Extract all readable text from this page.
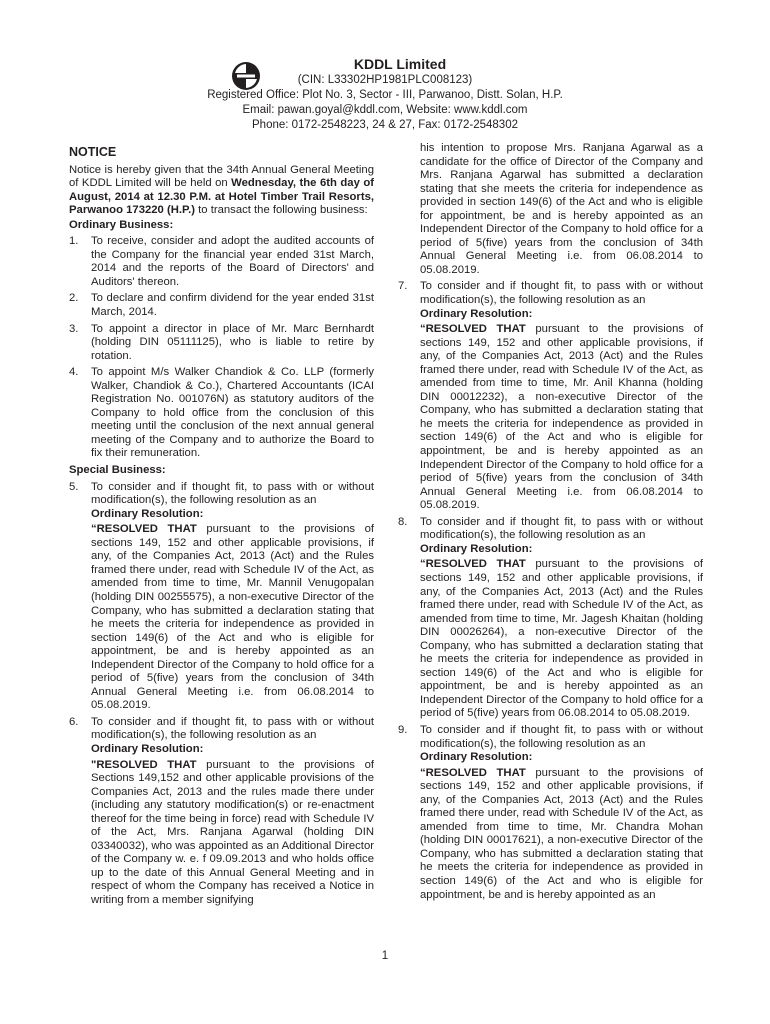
KDDL Limited
(CIN: L33302HP1981PLC008123)
Registered Office: Plot No. 3, Sector - III, Parwanoo, Distt. Solan, H.P.
Email: pawan.goyal@kddl.com, Website: www.kddl.com
Phone: 0172-2548223, 24 & 27, Fax: 0172-2548302
NOTICE

Notice is hereby given that the 34th Annual General Meeting of KDDL Limited will be held on Wednesday, the 6th day of August, 2014 at 12.30 P.M. at Hotel Timber Trail Resorts, Parwanoo 173220 (H.P.) to transact the following business:

Ordinary Business:
1. To receive, consider and adopt the audited accounts of the Company for the financial year ended 31st March, 2014 and the reports of the Board of Directors' and Auditors' thereon.
2. To declare and confirm dividend for the year ended 31st March, 2014.
3. To appoint a director in place of Mr. Marc Bernhardt (holding DIN 05111125), who is liable to retire by rotation.
4. To appoint M/s Walker Chandiok & Co. LLP (formerly Walker, Chandiok & Co.), Chartered Accountants (ICAI Registration No. 001076N) as statutory auditors of the Company to hold office from the conclusion of this meeting until the conclusion of the next annual general meeting of the Company and to authorize the Board to fix their remuneration.
Special Business:
5. To consider and if thought fit, to pass with or without modification(s), the following resolution as an
Ordinary Resolution:
“RESOLVED THAT pursuant to the provisions of sections 149, 152 and other applicable provisions, if any, of the Companies Act, 2013 (Act) and the Rules framed there under, read with Schedule IV of the Act, as amended from time to time, Mr. Mannil Venugopalan (holding DIN 00255575), a non-executive Director of the Company, who has submitted a declaration stating that he meets the criteria for independence as provided in section 149(6) of the Act and who is eligible for appointment, be and is hereby appointed as an Independent Director of the Company to hold office for a period of 5(five) years from the conclusion of 34th Annual General Meeting i.e. from 06.08.2014 to 05.08.2019.
6. To consider and if thought fit, to pass with or without modification(s), the following resolution as an
Ordinary Resolution:
"RESOLVED THAT pursuant to the provisions of Sections 149,152 and other applicable provisions of the Companies Act, 2013 and the rules made there under (including any statutory modification(s) or re-enactment thereof for the time being in force) read with Schedule IV of the Act, Mrs. Ranjana Agarwal (holding DIN 03340032), who was appointed as an Additional Director of the Company w. e. f 09.09.2013 and who holds office up to the date of this Annual General Meeting and in respect of whom the Company has received a Notice in writing from a member signifying
his intention to propose Mrs. Ranjana Agarwal as a candidate for the office of Director of the Company and Mrs. Ranjana Agarwal has submitted a declaration stating that she meets the criteria for independence as provided in section 149(6) of the Act and who is eligible for appointment, be and is hereby appointed as an Independent Director of the Company to hold office for a period of 5(five) years from the conclusion of 34th Annual General Meeting i.e. from 06.08.2014 to 05.08.2019.
7. To consider and if thought fit, to pass with or without modification(s), the following resolution as an
Ordinary Resolution:
“RESOLVED THAT pursuant to the provisions of sections 149, 152 and other applicable provisions, if any, of the Companies Act, 2013 (Act) and the Rules framed there under, read with Schedule IV of the Act, as amended from time to time, Mr. Anil Khanna (holding DIN 00012232), a non-executive Director of the Company, who has submitted a declaration stating that he meets the criteria for independence as provided in section 149(6) of the Act and who is eligible for appointment, be and is hereby appointed as an Independent Director of the Company to hold office for a period of 5(five) years from the conclusion of 34th Annual General Meeting i.e. from 06.08.2014 to 05.08.2019.
8. To consider and if thought fit, to pass with or without modification(s), the following resolution as an
Ordinary Resolution:
“RESOLVED THAT pursuant to the provisions of sections 149, 152 and other applicable provisions, if any, of the Companies Act, 2013 (Act) and the Rules framed there under, read with Schedule IV of the Act, as amended from time to time, Mr. Jagesh Khaitan (holding DIN 00026264), a non-executive Director of the Company, who has submitted a declaration stating that he meets the criteria for independence as provided in section 149(6) of the Act and who is eligible for appointment, be and is hereby appointed as an Independent Director of the Company to hold office for a period of 5(five) years from 06.08.2014 to 05.08.2019.
9. To consider and if thought fit, to pass with or without modification(s), the following resolution as an
Ordinary Resolution:
“RESOLVED THAT pursuant to the provisions of sections 149, 152 and other applicable provisions, if any, of the Companies Act, 2013 (Act) and the Rules framed there under, read with Schedule IV of the Act, as amended from time to time, Mr. Chandra Mohan (holding DIN 00017621), a non-executive Director of the Company, who has submitted a declaration stating that he meets the criteria for independence as provided in section 149(6) of the Act and who is eligible for appointment, be and is hereby appointed as an
1
